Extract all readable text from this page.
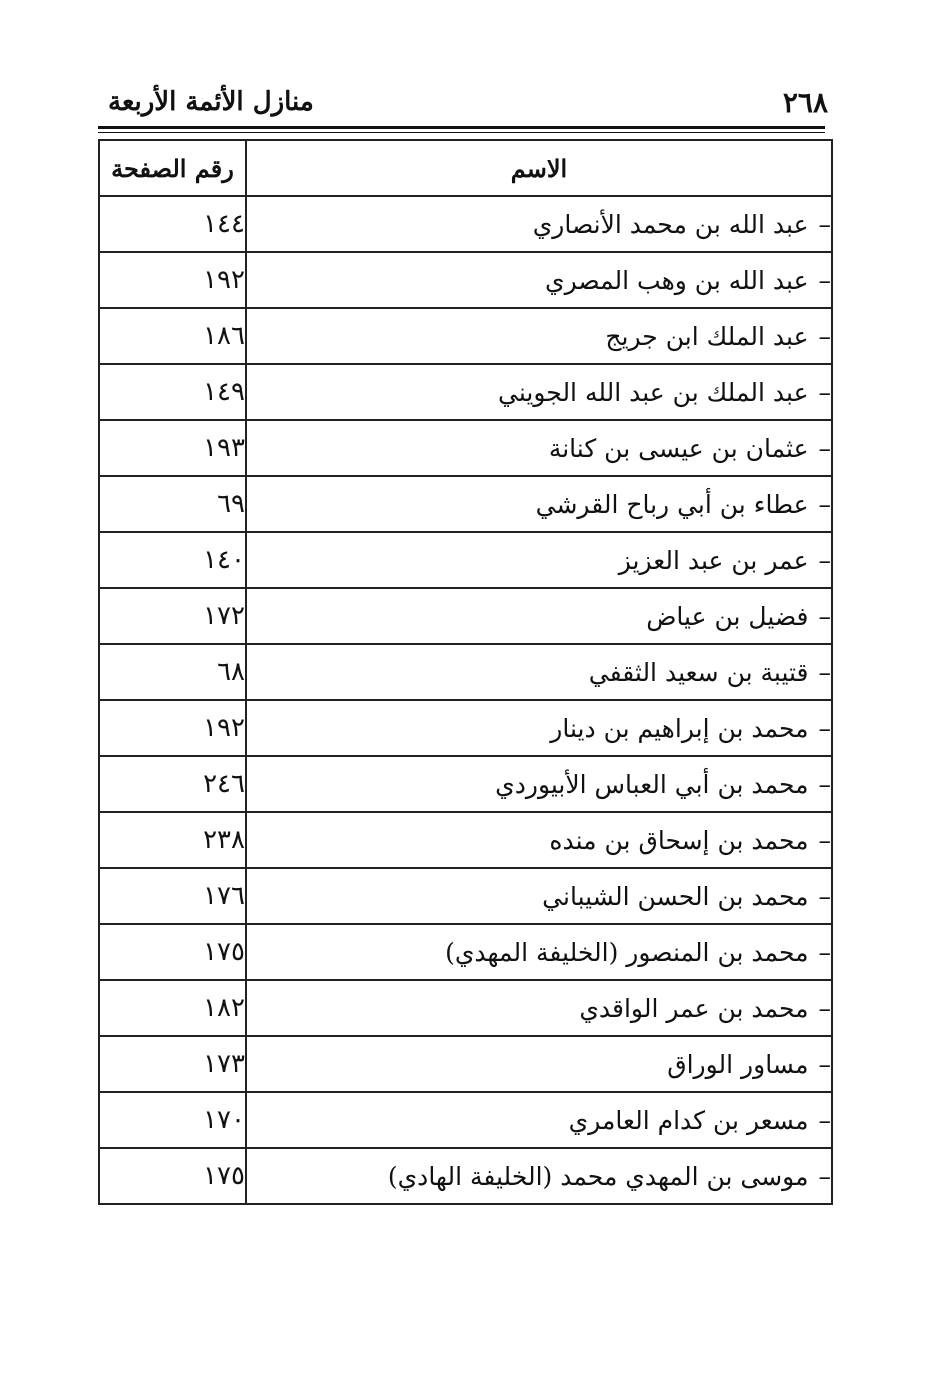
٢٦٨
منازل الأئمة الأربعة
الاسم	رقم الصفحة
–عبد الله بن محمد الأنصاري	١٤٤
–عبد الله بن وهب المصري	١٩٢
–عبد الملك ابن جريج	١٨٦
–عبد الملك بن عبد الله الجويني	١٤٩
–عثمان بن عيسى بن كنانة	١٩٣
–عطاء بن أبي رباح القرشي	٦٩
–عمر بن عبد العزيز	١٤٠
–فضيل بن عياض	١٧٢
–قتيبة بن سعيد الثقفي	٦٨
–محمد بن إبراهيم بن دينار	١٩٢
–محمد بن أبي العباس الأبيوردي	٢٤٦
–محمد بن إسحاق بن منده	٢٣٨
–محمد بن الحسن الشيباني	١٧٦
–محمد بن المنصور (الخليفة المهدي)	١٧٥
–محمد بن عمر الواقدي	١٨٢
–مساور الوراق	١٧٣
–مسعر بن كدام العامري	١٧٠
–موسى بن المهدي محمد (الخليفة الهادي)	١٧٥
